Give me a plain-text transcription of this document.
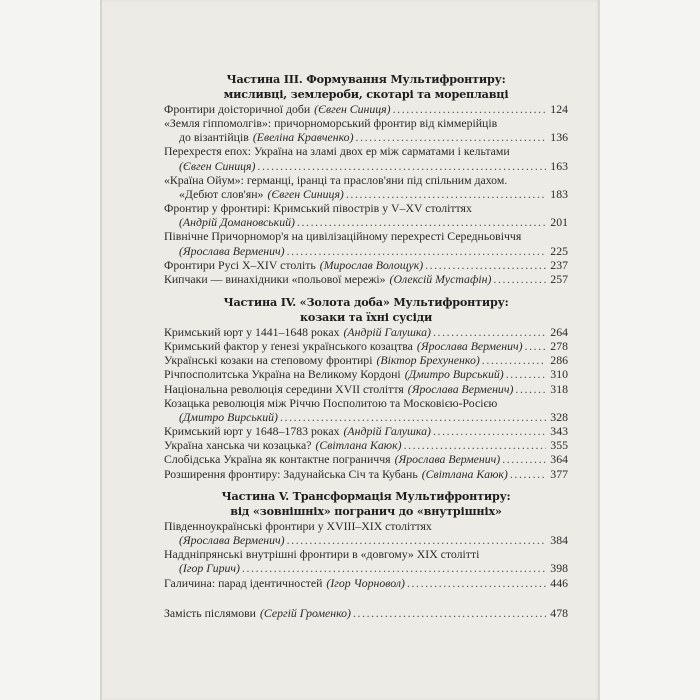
Частина III. Формування Мультифронтиру:
мисливці, землероби, скотарі та мореплавці
Фронтири доісторичної доби (Євген Синиця) .....	124
«Земля гіппомолгів»: причорноморський фронтир від кіммерійців
до візантійців (Евеліна Кравченко) .....	136
Перехрестя епох: Україна на зламі двох ер між сарматами і кельтами
(Євген Синиця) .....	163
«Країна Ойум»: германці, іранці та праслов'яни під спільним дахом.
«Дебют слов'ян» (Євген Синиця) .....	183
Фронтир у фронтирі: Кримський півострів у V–XV століттях
(Андрій Домановський) .....	201
Північне Причорномор'я на цивілізаційному перехресті Середньовіччя
(Ярослава Верменич) .....	225
Фронтири Русі X–XIV століть (Мирослав Волощук) .....	237
Кипчаки — винахідники «польової мережі» (Олексій Мустафін) .....	257
Частина IV. «Золота доба» Мультифронтиру:
козаки та їхні сусіди
Кримський юрт у 1441–1648 роках (Андрій Галушка) .....	264
Кримський фактор у ґенезі українського козацтва (Ярослава Верменич) ..... 278
Українські козаки на степовому фронтирі (Віктор Брехуненко) .....	286
Річпосполитська Україна на Великому Кордоні (Дмитро Вирський) .....	310
Національна революція середини XVII століття (Ярослава Верменич) .....	318
Козацька революція між Річчю Посполитою та Московією-Росією
(Дмитро Вирський) .....	328
Кримський юрт у 1648–1783 роках (Андрій Галушка) .....	343
Україна ханська чи козацька? (Світлана Каюк) .....	355
Слобідська Україна як контактне пограниччя (Ярослава Верменич) .....	364
Розширення фронтиру: Задунайська Січ та Кубань (Світлана Каюк) .....	377
Частина V. Трансформація Мультифронтиру:
від «зовнішніх» погранич до «внутрішніх»
Південноукраїнські фронтири у XVIII–XIX століттях
(Ярослава Верменич) .....	384
Наддніпрянські внутрішні фронтири в «довгому» XIX столітті
(Ігор Гирич) .....	398
Галичина: парад ідентичностей (Ігор Чорновол) .....	446
Замість післямови (Сергій Громенко) .....	478
